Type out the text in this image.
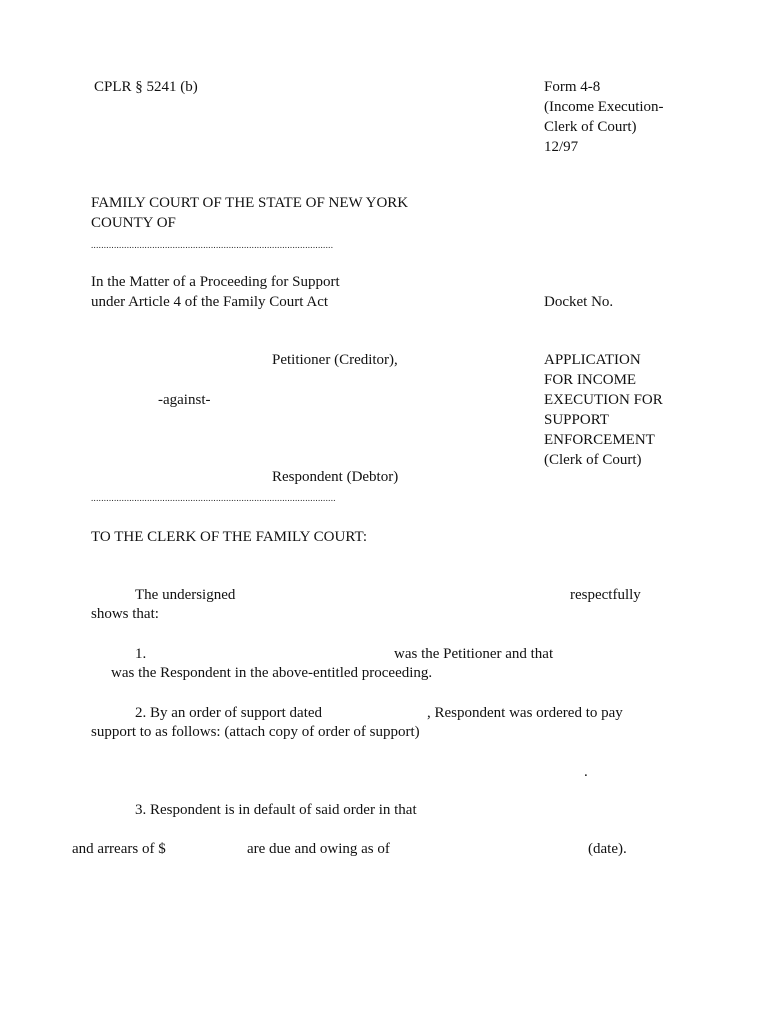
CPLR § 5241 (b)	Form 4-8

(Income Execution-

Clerk of Court)

12/97

FAMILY COURT OF THE STATE OF NEW YORK

COUNTY OF

...............................................................................................

In the Matter of a Proceeding for Support

under Article 4 of the Family Court Act	Docket No.

Petitioner (Creditor),

-against-

Respondent (Debtor)

APPLICATION

FOR INCOME

EXECUTION FOR

SUPPORT

ENFORCEMENT

(Clerk of Court)

................................................................................................

TO THE CLERK OF THE FAMILY COURT:

The undersigned	respectfully

shows that:

1.	was the Petitioner and that

was the Respondent in the above-entitled proceeding.

2. By an order of support dated	, Respondent was ordered to pay

support to as follows: (attach copy of order of support)

.

3. Respondent is in default of said order in that

and arrears of $	are due and owing as of	(date).
